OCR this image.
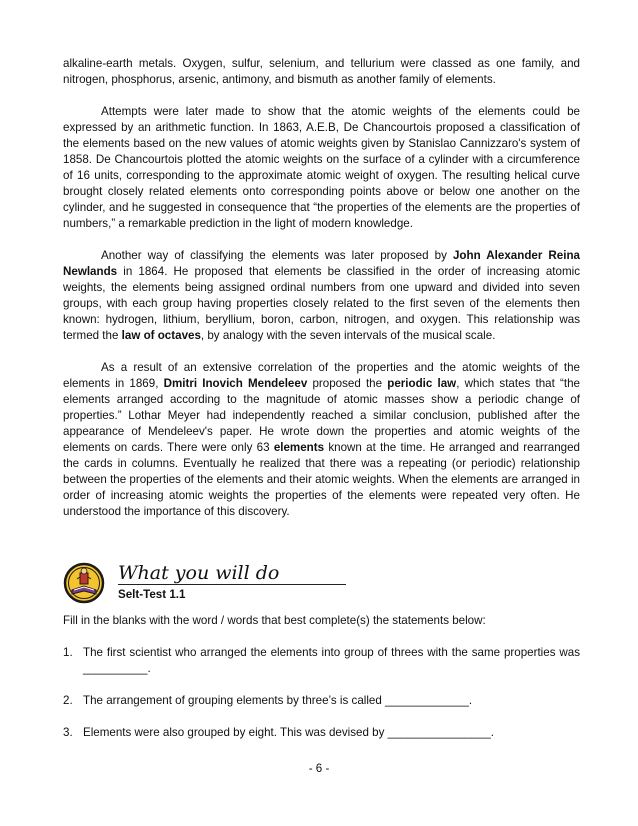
alkaline-earth metals. Oxygen, sulfur, selenium, and tellurium were classed as one family, and nitrogen, phosphorus, arsenic, antimony, and bismuth as another family of elements.

Attempts were later made to show that the atomic weights of the elements could be expressed by an arithmetic function. In 1863, A.E.B, De Chancourtois proposed a classification of the elements based on the new values of atomic weights given by Stanislao Cannizzaro's system of 1858. De Chancourtois plotted the atomic weights on the surface of a cylinder with a circumference of 16 units, corresponding to the approximate atomic weight of oxygen. The resulting helical curve brought closely related elements onto corresponding points above or below one another on the cylinder, and he suggested in consequence that “the properties of the elements are the properties of numbers,” a remarkable prediction in the light of modern knowledge.

Another way of classifying the elements was later proposed by John Alexander Reina Newlands in 1864. He proposed that elements be classified in the order of increasing atomic weights, the elements being assigned ordinal numbers from one upward and divided into seven groups, with each group having properties closely related to the first seven of the elements then known: hydrogen, lithium, beryllium, boron, carbon, nitrogen, and oxygen. This relationship was termed the law of octaves, by analogy with the seven intervals of the musical scale.

As a result of an extensive correlation of the properties and the atomic weights of the elements in 1869, Dmitri Inovich Mendeleev proposed the periodic law, which states that “the elements arranged according to the magnitude of atomic masses show a periodic change of properties.” Lothar Meyer had independently reached a similar conclusion, published after the appearance of Mendeleev's paper. He wrote down the properties and atomic weights of the elements on cards. There were only 63 elements known at the time. He arranged and rearranged the cards in columns. Eventually he realized that there was a repeating (or periodic) relationship between the properties of the elements and their atomic weights. When the elements are arranged in order of increasing atomic weights the properties of the elements were repeated very often. He understood the importance of this discovery.

What you will do
Selt-Test 1.1
Fill in the blanks with the word / words that best complete(s) the statements below:
1. The first scientist who arranged the elements into group of threes with the same properties was __________.
2. The arrangement of grouping elements by three’s is called _____________.
3. Elements were also grouped by eight. This was devised by ________________.
- 6 -
